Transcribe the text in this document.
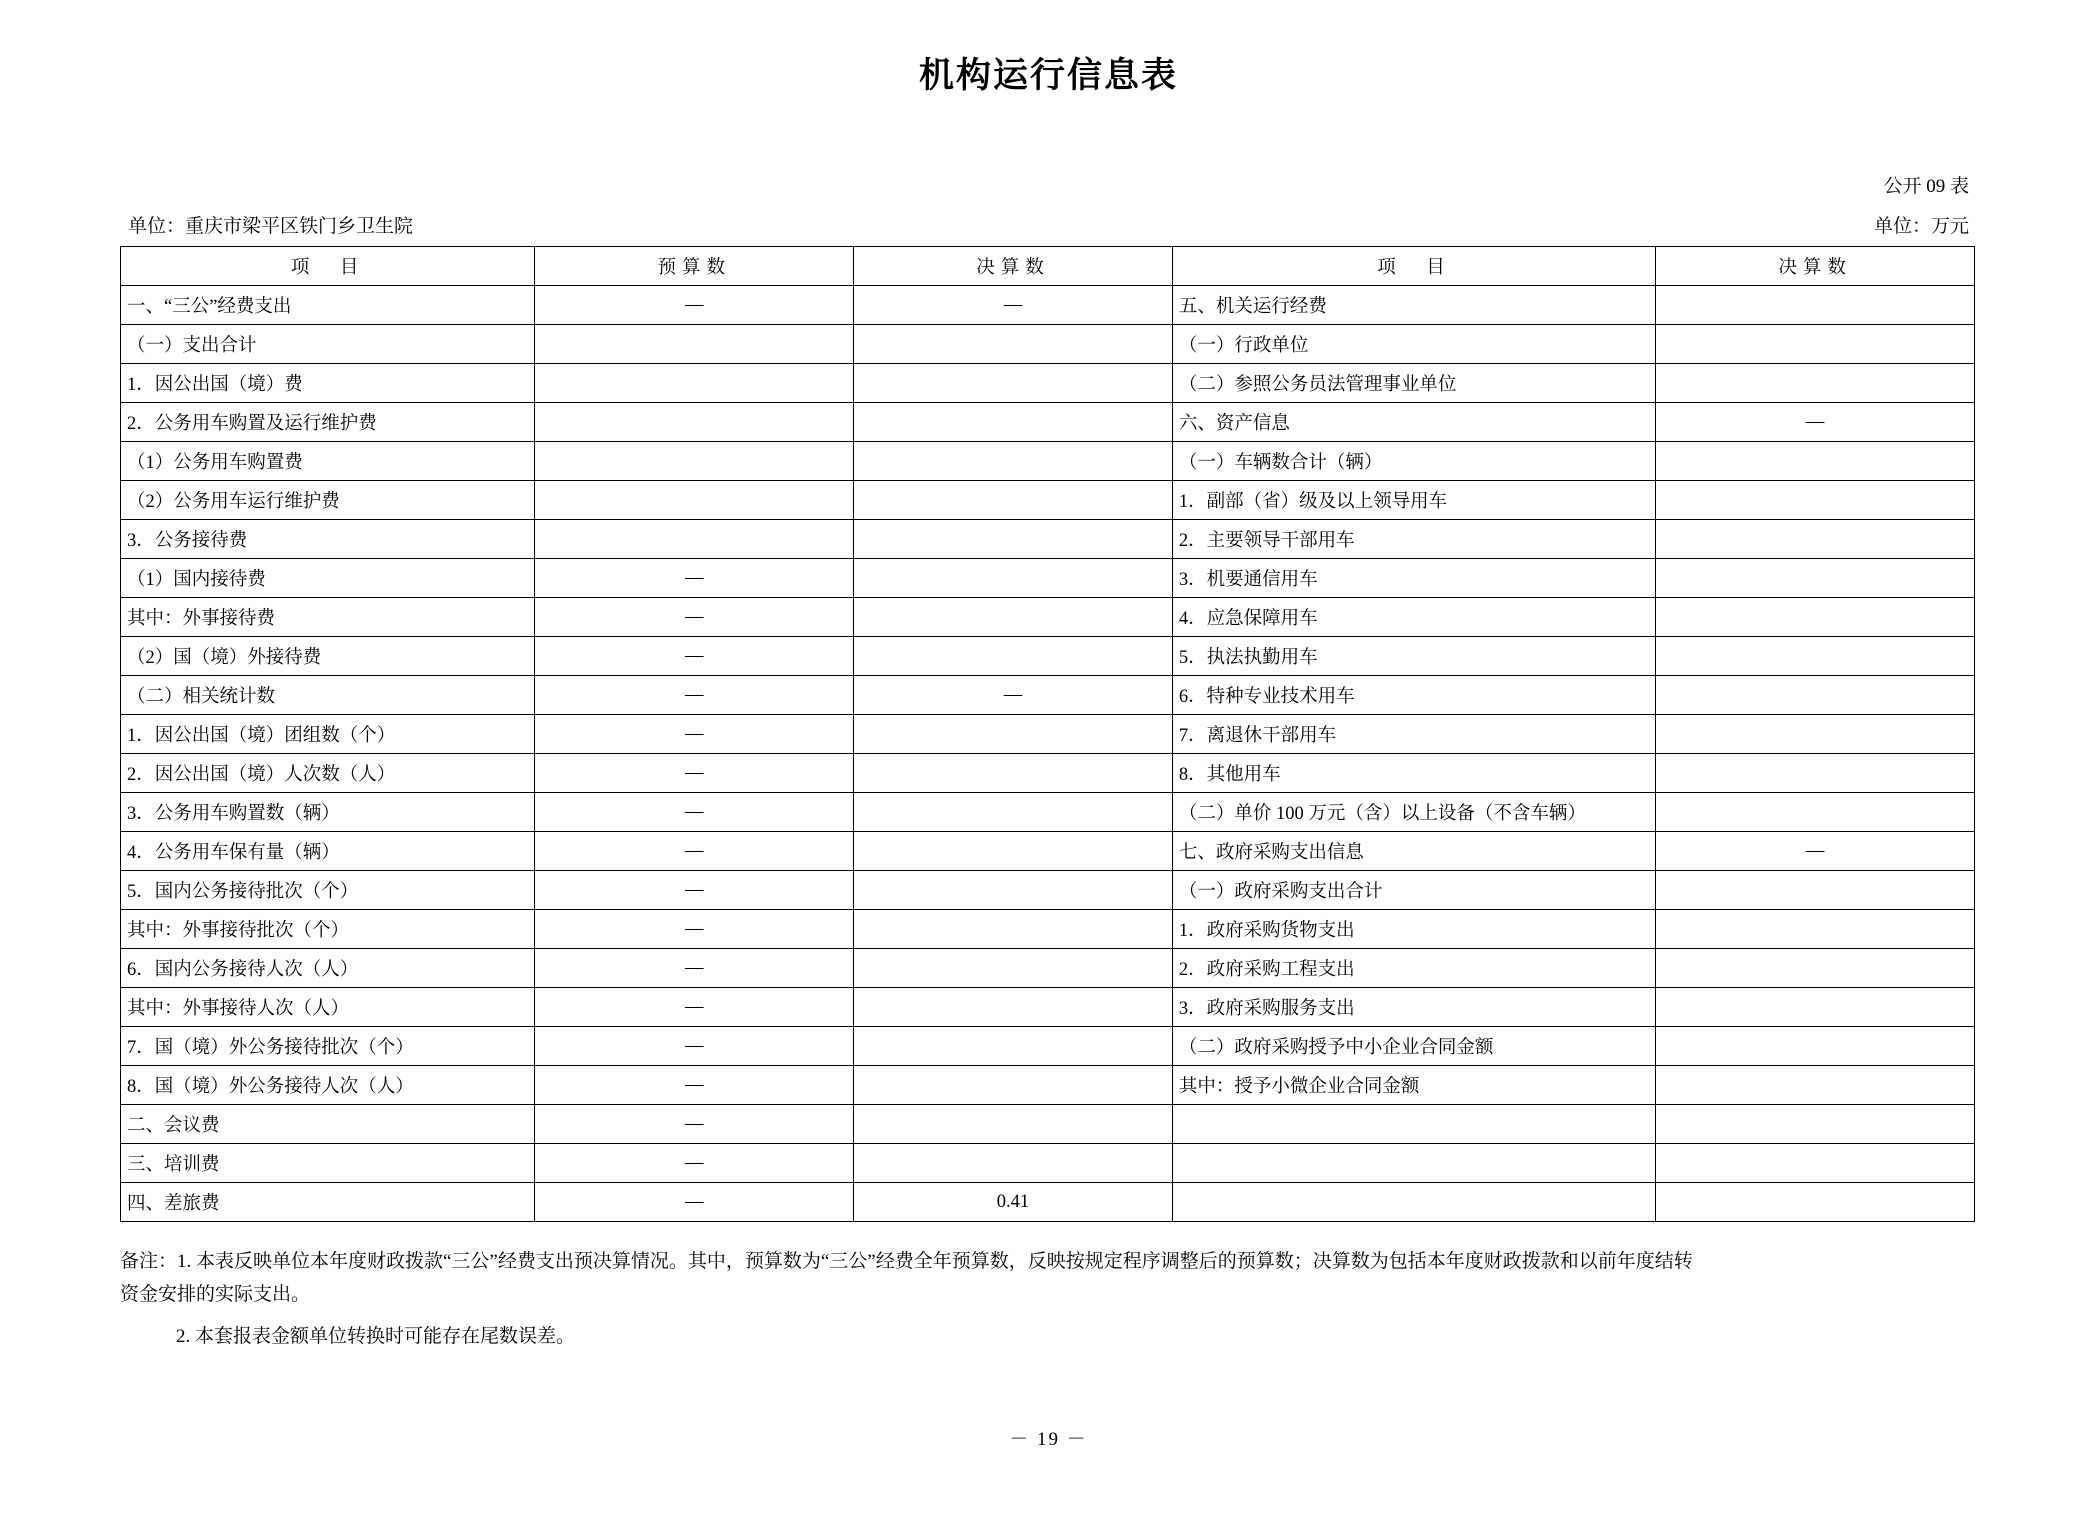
机构运行信息表
公开 09 表
单位：重庆市梁平区铁门乡卫生院	单位：万元
项　目	预算数	决算数	项　目	决算数
一、“三公”经费支出	—	—	五、机关运行经费	
（一）支出合计			（一）行政单位	
1．因公出国（境）费			（二）参照公务员法管理事业单位	
2．公务用车购置及运行维护费			六、资产信息	—
（1）公务用车购置费			（一）车辆数合计（辆）	
（2）公务用车运行维护费			1．副部（省）级及以上领导用车	
3．公务接待费			2．主要领导干部用车	
（1）国内接待费	—		3．机要通信用车	
其中：外事接待费	—		4．应急保障用车	
（2）国（境）外接待费	—		5．执法执勤用车	
（二）相关统计数	—	—	6．特种专业技术用车	
1．因公出国（境）团组数（个）	—		7．离退休干部用车	
2．因公出国（境）人次数（人）	—		8．其他用车	
3．公务用车购置数（辆）	—		（二）单价 100 万元（含）以上设备（不含车辆）	
4．公务用车保有量（辆）	—		七、政府采购支出信息	—
5．国内公务接待批次（个）	—		（一）政府采购支出合计	
其中：外事接待批次（个）	—		1．政府采购货物支出	
6．国内公务接待人次（人）	—		2．政府采购工程支出	
其中：外事接待人次（人）	—		3．政府采购服务支出	
7．国（境）外公务接待批次（个）	—		（二）政府采购授予中小企业合同金额	
8．国（境）外公务接待人次（人）	—		其中：授予小微企业合同金额	
二、会议费	—			
三、培训费	—			
四、差旅费	—	0.41		
备注：1. 本表反映单位本年度财政拨款“三公”经费支出预决算情况。其中，预算数为“三公”经费全年预算数，反映按规定程序调整后的预算数；决算数为包括本年度财政拨款和以前年度结转
资金安排的实际支出。
2. 本套报表金额单位转换时可能存在尾数误差。
－ 19 －
